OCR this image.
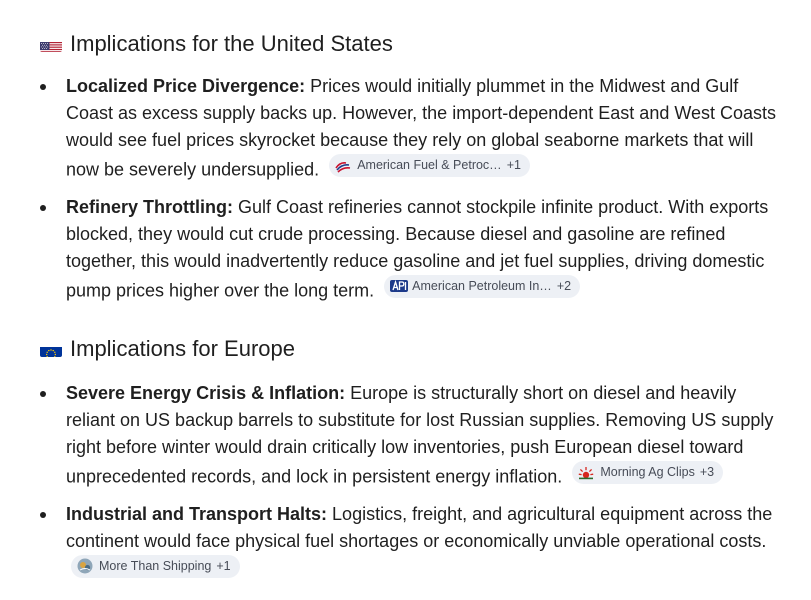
Implications for the United States
Localized Price Divergence: Prices would initially plummet in the Midwest and Gulf Coast as excess supply backs up. However, the import-dependent East and West Coasts would see fuel prices skyrocket because they rely on global seaborne markets that will now be severely undersupplied.	American Fuel & Petroc… +1
Refinery Throttling: Gulf Coast refineries cannot stockpile infinite product. With exports blocked, they would cut crude processing. Because diesel and gasoline are refined together, this would inadvertently reduce gasoline and jet fuel supplies, driving domestic pump prices higher over the long term.	American Petroleum In… +2
Implications for Europe
Severe Energy Crisis & Inflation: Europe is structurally short on diesel and heavily reliant on US backup barrels to substitute for lost Russian supplies. Removing US supply right before winter would drain critically low inventories, push European diesel toward unprecedented records, and lock in persistent energy inflation.	Morning Ag Clips +3
Industrial and Transport Halts: Logistics, freight, and agricultural equipment across the continent would face physical fuel shortages or economically unviable operational costs.
More Than Shipping +1
